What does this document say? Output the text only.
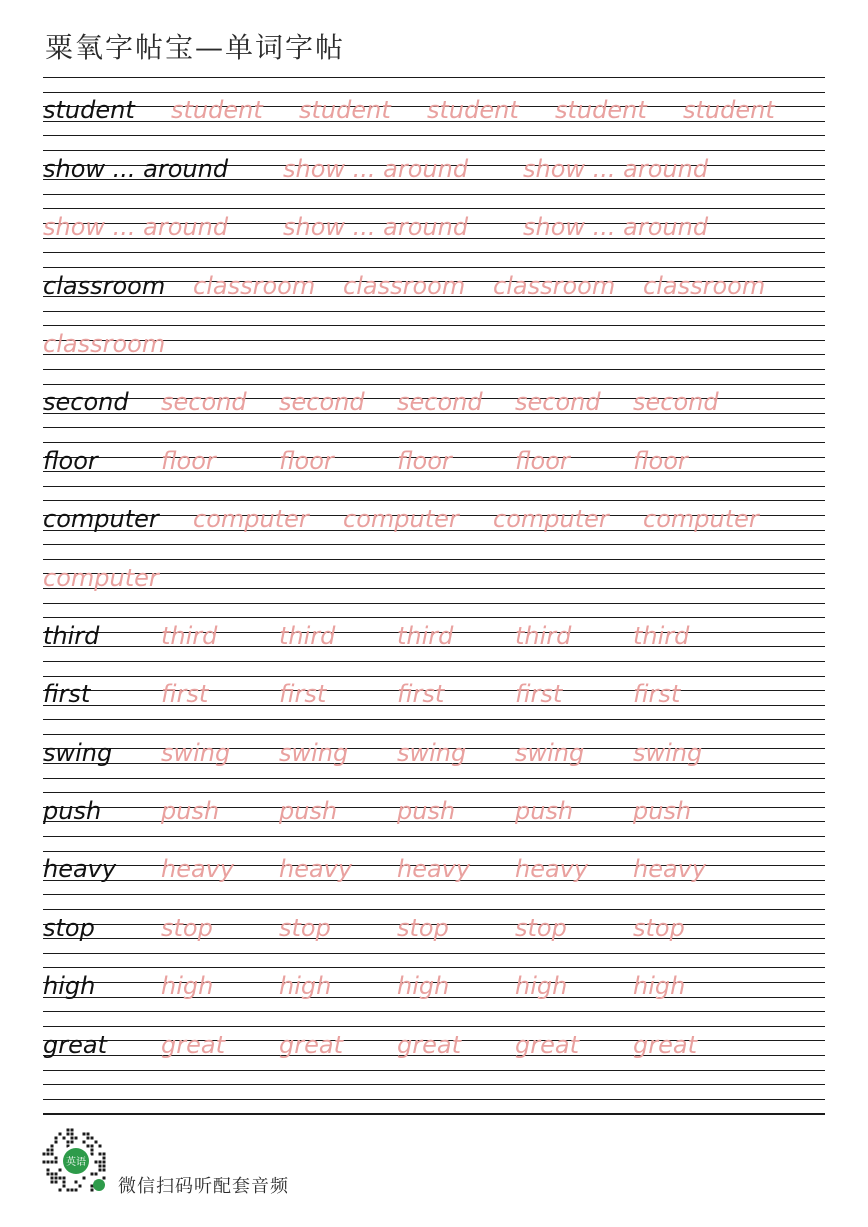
粟氧字帖宝—单词字帖
student student student student student student
show ... around show ... around show ... around
show ... around show ... around show ... around
classroom classroom classroom classroom classroom
classroom
second second second second second second
floor	floor	floor	floor	floor	floor
computer computer computer computer computer
computer
third	third	third	third	third	third
first	first	first	first	first	first
swing swing swing swing swing swing
push push push push push push
heavy heavy heavy heavy heavy heavy
stop	stop	stop	stop	stop	stop
high	high	high	high	high	high
great great great great great great
英语
微信扫码听配套音频
